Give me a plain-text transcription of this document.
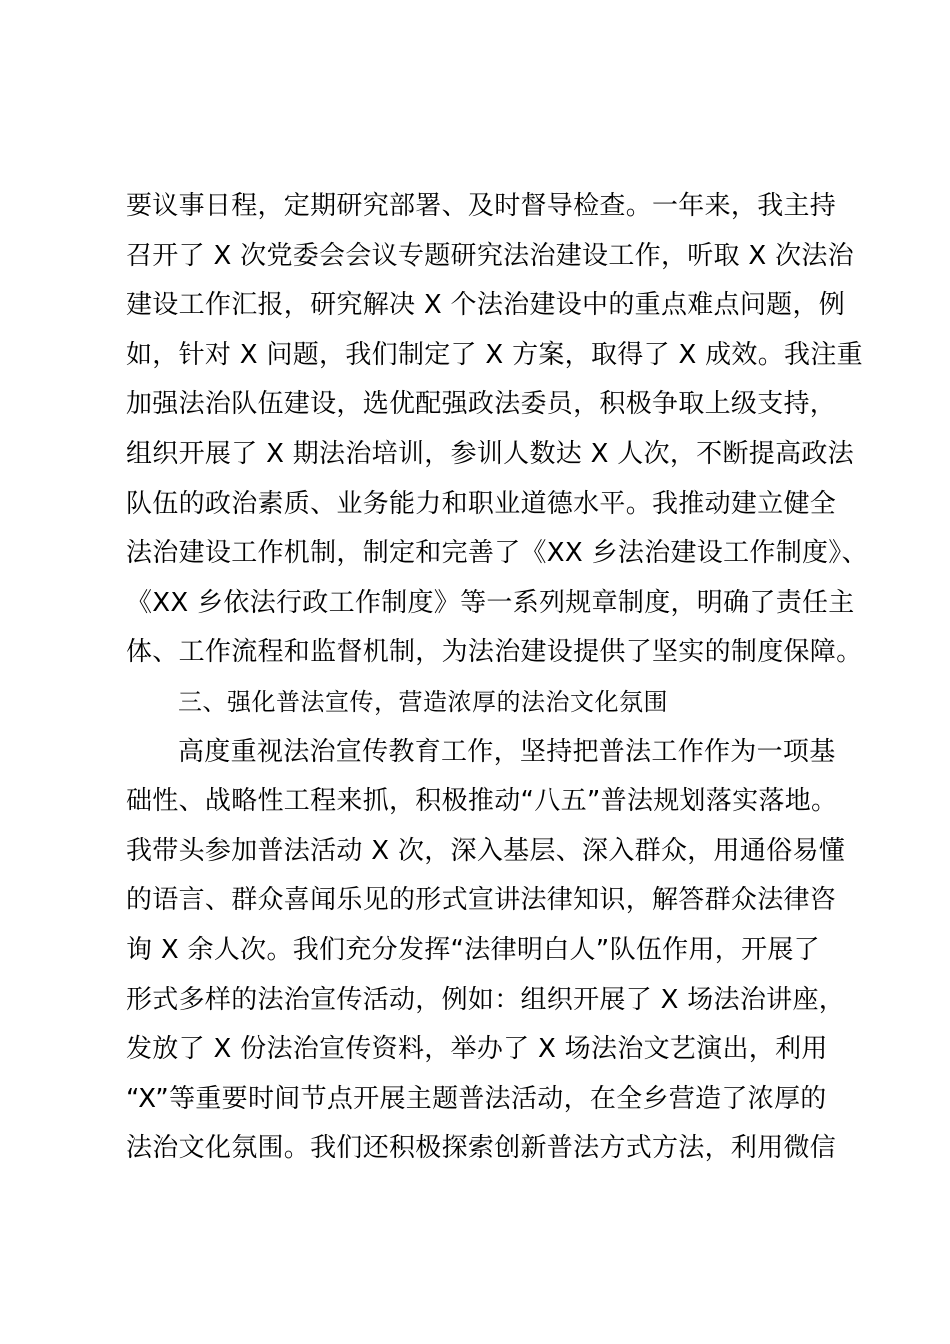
要议事日程，定期研究部署、及时督导检查。一年来，我主持
召开了 X 次党委会会议专题研究法治建设工作，听取 X 次法治
建设工作汇报，研究解决 X 个法治建设中的重点难点问题，例
如，针对 X 问题，我们制定了 X 方案，取得了 X 成效。我注重
加强法治队伍建设，选优配强政法委员，积极争取上级支持，
组织开展了 X 期法治培训，参训人数达 X 人次，不断提高政法
队伍的政治素质、业务能力和职业道德水平。我推动建立健全
法治建设工作机制，制定和完善了《XX 乡法治建设工作制度》、
《XX 乡依法行政工作制度》等一系列规章制度，明确了责任主
体、工作流程和监督机制，为法治建设提供了坚实的制度保障。
三、强化普法宣传，营造浓厚的法治文化氛围
高度重视法治宣传教育工作，坚持把普法工作作为一项基
础性、战略性工程来抓，积极推动“八五”普法规划落实落地。
我带头参加普法活动 X 次，深入基层、深入群众，用通俗易懂
的语言、群众喜闻乐见的形式宣讲法律知识，解答群众法律咨
询 X 余人次。我们充分发挥“法律明白人”队伍作用，开展了
形式多样的法治宣传活动，例如：组织开展了 X 场法治讲座，
发放了 X 份法治宣传资料，举办了 X 场法治文艺演出，利用
“X”等重要时间节点开展主题普法活动，在全乡营造了浓厚的
法治文化氛围。我们还积极探索创新普法方式方法，利用微信
